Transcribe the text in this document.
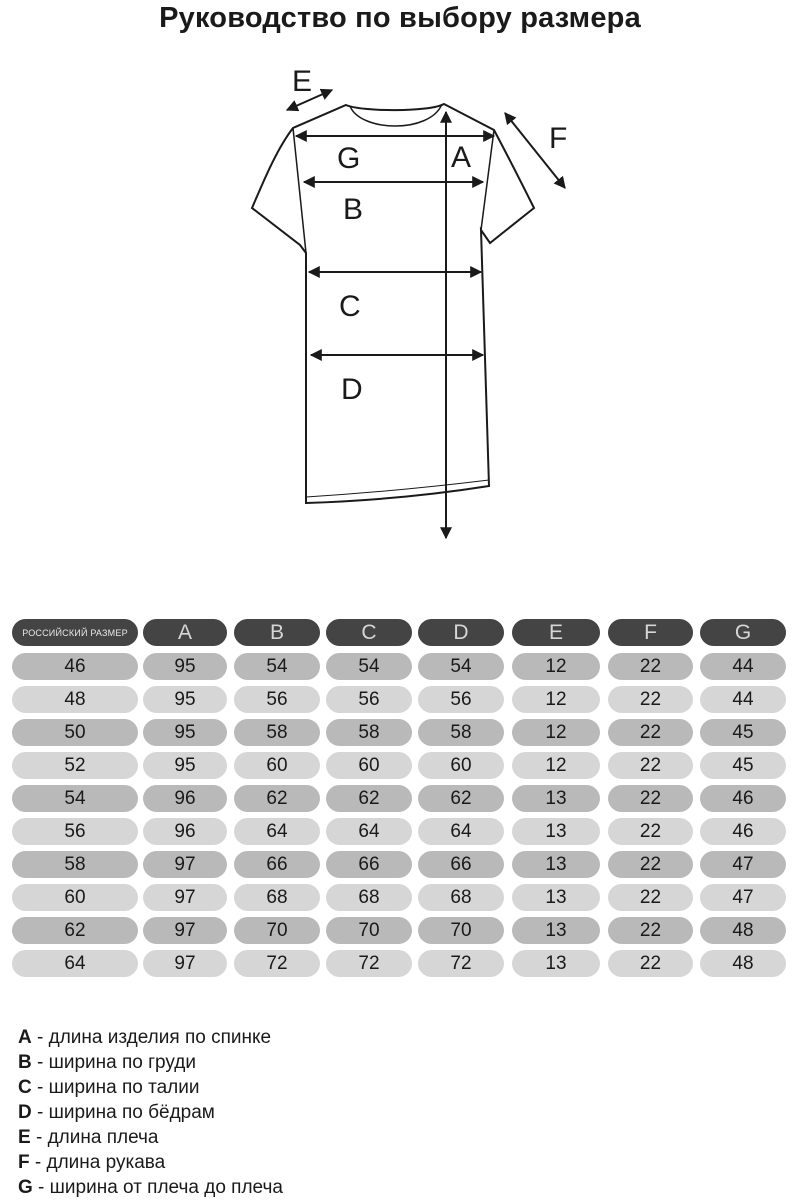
Руководство по выбору размера
G	A
B
C
D
E
F
РОССИЙСКИЙ РАЗМЕР	A	B	C	D	E	F	G
46	95	54	54	54	12	22	44
48	95	56	56	56	12	22	44
50	95	58	58	58	12	22	45
52	95	60	60	60	12	22	45
54	96	62	62	62	13	22	46
56	96	64	64	64	13	22	46
58	97	66	66	66	13	22	47
60	97	68	68	68	13	22	47
62	97	70	70	70	13	22	48
64	97	72	72	72	13	22	48
A - длина изделия по спинке
B - ширина по груди
C - ширина по талии
D - ширина по бёдрам
E - длина плеча
F - длина рукава
G - ширина от плеча до плеча
